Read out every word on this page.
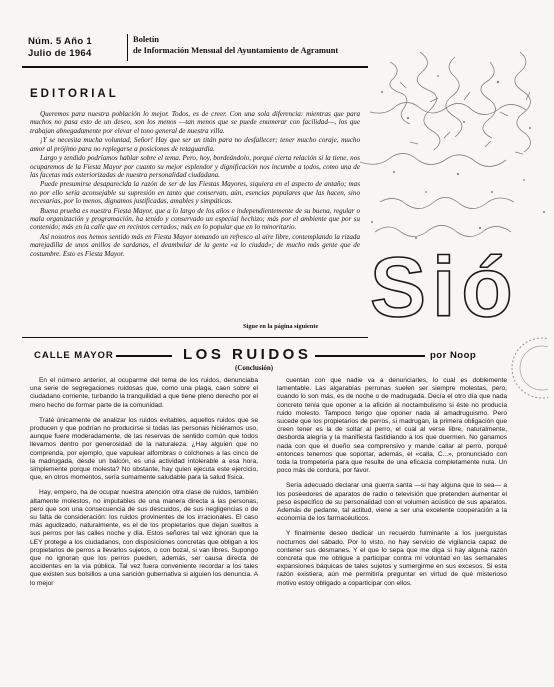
Núm. 5 Año 1
Julio de 1964
Boletín
de Información Mensual del Ayuntamiento de Agramunt
EDITORIAL

Queremos para nuestra población lo mejor. Todos, es de creer. Con una sola diferencia: mientras que para muchos no pasa esto de un deseo, son los menos —tan menos que se puede enumerar con facilidad—, los que trabajan abnegadamente por elevar el tono general de nuestra villa.

¡Y se necesita mucha voluntad, Señor! Hay que ser un titán para no desfallecer; tener mucho coraje, mucho amor al prójimo para no replegarse a posiciones de retaguardia.

Largo y tendido podríamos hablar sobre el tema. Pero, hoy, bordeándolo, porqué cierta relación sí la tiene, nos ocuparemos de la Fiesta Mayor por cuanto su mejor esplendor y dignificación nos incumbe a todos, como una de las facetas más exteriorizadas de nuestra personalidad ciudadana.

Puede presumirse desaparecida la razón de ser de las Fiestas Mayores, siquiera en el aspecto de antaño; mas no por ello sería aconsejable su supresión en tanto que conservan, aún, esencias populares que las hacen, sino necesarias, por lo menos, dignamos justificadas, amables y simpáticas.

Buena prueba es nuestra Fiesta Mayor, que a lo largo de los años e independientemente de su buena, regular o mala organización y programación, ha tenido y conservado un especial hechizo; más por el ambiente que por su contenido; más en la calle que en recintos cerrados; más en lo popular que en lo minoritario.

Así nosotros nos hemos sentido más en Fiesta Mayor tomando un refresco al aire libre, contemplando la rizada marejadilla de unos anillos de sardanas, el deambular de la gente «a lo ciudad»; de mucho más gente que de costumbre. Esto es Fiesta Mayor.

Sigue en la página siguiente Sió
CALLE MAYOR	LOS RUIDOS	por Noop
(Conclusión)

En el número anterior, al ocuparme del tema de los ruidos, denunciaba una serie de segregaciones ruidosas que, como una plaga, caen sobre el ciudadano corriente, turbando la tranquilidad a que tiene pleno derecho por el mero hecho de formar parte de la comunidad.

Traté únicamente de analizar los ruidos evitables, aquellos ruidos que se producen y que podrían no producirse si todas las personas hiciéramos uso, aunque fuere moderadamente, de las reservas de sentido común que todos llevamos dentro por generosidad de la naturaleza. ¿Hay alguien que no comprenda, por ejemplo, que vapulear alfombras o colchones a las cinco de la madrugada, desde un balcón, es una actividad intolerable a esa hora, simplemente porque molesta? No obstante, hay quien ejecuta este ejercicio, que, en otros momentos, sería sumamente saludable para la salud física.

Hay, empero, ha de ocupar nuestra atención otra clase de ruidos, también altamente molestos, no imputables de una manera directa a las personas, pero que son una consecuencia de sus descuidos, de sus negligencias o de su falta de consideración: los ruidos provinentes de los irracionales. El caso más agudizado, naturalmente, es el de los propietarios que dejan sueltos a sus perros por las calles noche y día. Estos señores tal vez ignoran que la LEY protege a los ciudadanos, con disposiciones concretas que obligan a los propietarios de perros a llevarlos sujetos, o con bozal, si van libres. Supongo que no ignoran que los perros pueden, además, ser causa directa de accidentes en la vía pública. Tal vez fuera conveniente recordar a los tales que existen sus bolsillos a una sanción gubernativa si alguien los denuncia. A lo mejor

cuentan con que nadie va a denunciarles, lo cual es doblemente lamentable. Las algarabías perrunas suelen ser siempre molestas, pero, cuando lo son más, es de noche o de madrugada. Decía el otro día que nada concreto tenía que oponer a la afición al noctambulismo si éste no producía ruido molesto. Tampoco tengo que oponer nada al amadruguismo. Pero sucede que los propietarios de perros, si madrugan, la primera obligación que creen tener es la de soltar al perro, el cual al verse libre, naturalmente, desborda alegría y la manifiesta fastidiando a los que duermen. No ganamos nada con que el dueño sea comprensivo y mande callar al perro, porqué entonces tenemos que soportar, además, el «calla, C...», pronunciado con toda la trompetería para que resulte de una eficacia completamente nula. Un poco más de cordura, por favor.

Sería adecuado declarar una guerra santa —si hay alguna que lo sea— a los poseedores de aparatos de radio o televisión que pretenden aumentar el peso específico de su personalidad con el volumen acústico de sus aparatos. Además de pedante, tal actitud, viene a ser una excelente cooperación a la economía de los farmacéuticos.

Y finalmente deseo dedicar un recuerdo fulminante a los juerguistas nocturnos del sábado. Por lo visto, no hay servicio de vigilancia capaz de contener sus desmanes. Y el que lo sepa que me diga si hay alguna razón concreta que me obligue a participar contra mi voluntad en las semanales expansiones báquicas de tales sujetos y sumergirme en sus excesos. Si esta razón existiera, aún me permitiría preguntar en virtud de qué misterioso motivo estoy obligado a coparticipar con ellos.
